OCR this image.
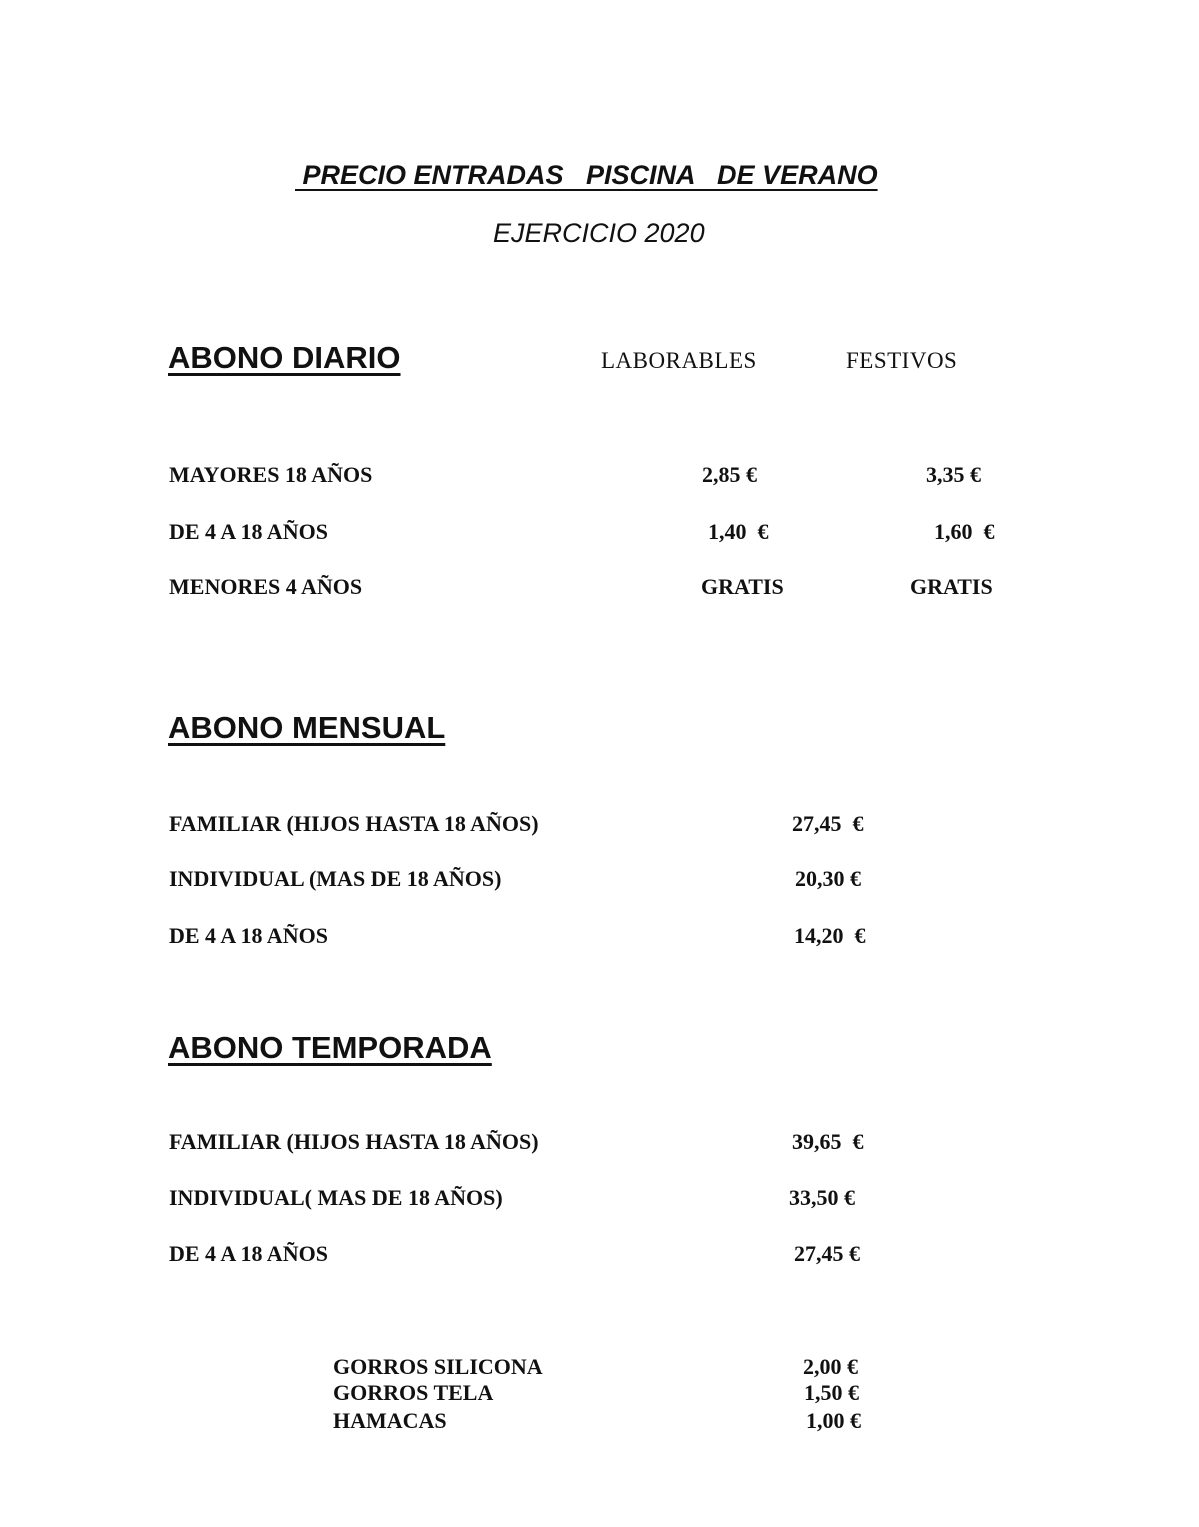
PRECIO ENTRADAS   PISCINA   DE VERANO
EJERCICIO 2020
ABONO DIARIO	LABORABLES	FESTIVOS
MAYORES 18 AÑOS	2,85 €	3,35 €
DE 4 A 18 AÑOS	1,40  €	1,60  €
MENORES 4 AÑOS	GRATIS	GRATIS
ABONO MENSUAL
FAMILIAR (HIJOS HASTA 18 AÑOS)	27,45  €
INDIVIDUAL (MAS DE 18 AÑOS)	20,30 €
DE 4 A 18 AÑOS	14,20  €
ABONO TEMPORADA
FAMILIAR (HIJOS HASTA 18 AÑOS)	39,65  €
INDIVIDUAL( MAS DE 18 AÑOS)	33,50 €
DE 4 A 18 AÑOS	27,45 €
GORROS SILICONA	2,00 €
GORROS TELA	1,50 €
HAMACAS	1,00 €
